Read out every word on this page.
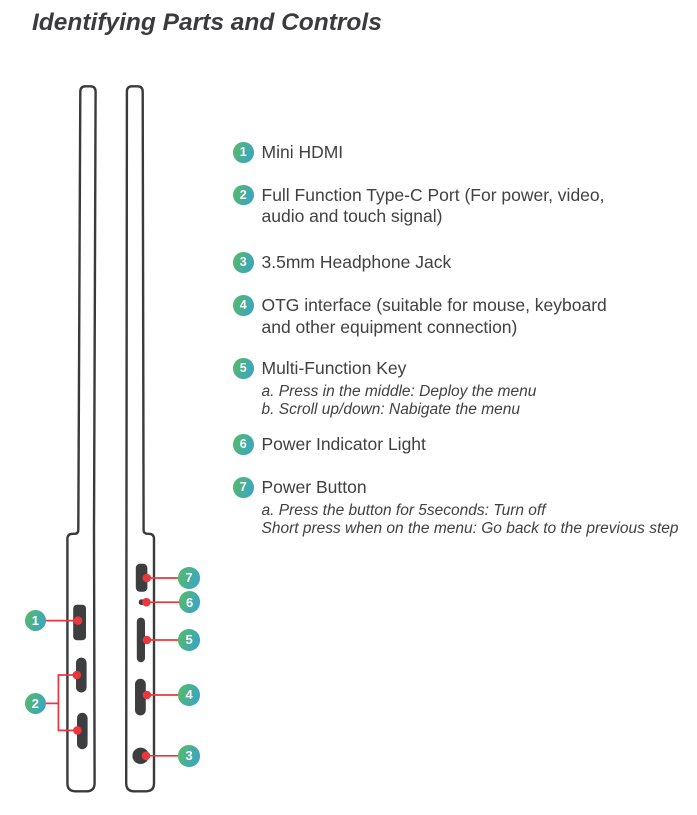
Identifying Parts and Controls
1
2
7
6
5
4
3
1 Mini HDMI
2 Full Function Type-C Port (For power, video,
audio and touch signal)
3 3.5mm Headphone Jack
4 OTG interface (suitable for mouse, keyboard
and other equipment connection)
5 Multi-Function Key
a. Press in the middle: Deploy the menu
b. Scroll up/down: Nabigate the menu
6 Power Indicator Light
7 Power Button
a. Press the button for 5seconds: Turn off
Short press when on the menu: Go back to the previous step
